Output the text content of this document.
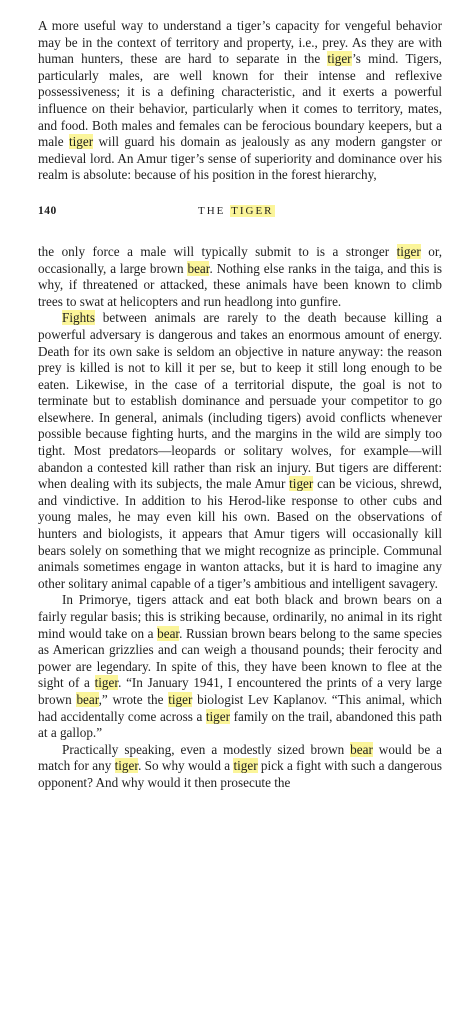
A more useful way to understand a tiger’s capacity for vengeful behavior may be in the context of territory and property, i.e., prey. As they are with human hunters, these are hard to separate in the tiger’s mind. Tigers, particularly males, are well known for their intense and reflexive possessiveness; it is a defining characteristic, and it exerts a powerful influence on their behavior, particularly when it comes to territory, mates, and food. Both males and females can be ferocious boundary keepers, but a male tiger will guard his domain as jealously as any modern gangster or medieval lord. An Amur tiger’s sense of superiority and dominance over his realm is absolute: because of his position in the forest hierarchy,

140	THE TIGER

the only force a male will typically submit to is a stronger tiger or, occasionally, a large brown bear. Nothing else ranks in the taiga, and this is why, if threatened or attacked, these animals have been known to climb trees to swat at helicopters and run headlong into gunfire.

Fights between animals are rarely to the death because killing a powerful adversary is dangerous and takes an enormous amount of energy. Death for its own sake is seldom an objective in nature anyway: the reason prey is killed is not to kill it per se, but to keep it still long enough to be eaten. Likewise, in the case of a territorial dispute, the goal is not to terminate but to establish dominance and persuade your competitor to go elsewhere. In general, animals (including tigers) avoid conflicts whenever possible because fighting hurts, and the margins in the wild are simply too tight. Most predators—leopards or solitary wolves, for example—will abandon a contested kill rather than risk an injury. But tigers are different: when dealing with its subjects, the male Amur tiger can be vicious, shrewd, and vindictive. In addition to his Herod-like response to other cubs and young males, he may even kill his own. Based on the observations of hunters and biologists, it appears that Amur tigers will occasionally kill bears solely on something that we might recognize as principle. Communal animals sometimes engage in wanton attacks, but it is hard to imagine any other solitary animal capable of a tiger’s ambitious and intelligent savagery.

In Primorye, tigers attack and eat both black and brown bears on a fairly regular basis; this is striking because, ordinarily, no animal in its right mind would take on a bear. Russian brown bears belong to the same species as American grizzlies and can weigh a thousand pounds; their ferocity and power are legendary. In spite of this, they have been known to flee at the sight of a tiger. “In January 1941, I encountered the prints of a very large brown bear,” wrote the tiger biologist Lev Kaplanov. “This animal, which had accidentally come across a tiger family on the trail, abandoned this path at a gallop.”

Practically speaking, even a modestly sized brown bear would be a match for any tiger. So why would a tiger pick a fight with such a dangerous opponent? And why would it then prosecute the
